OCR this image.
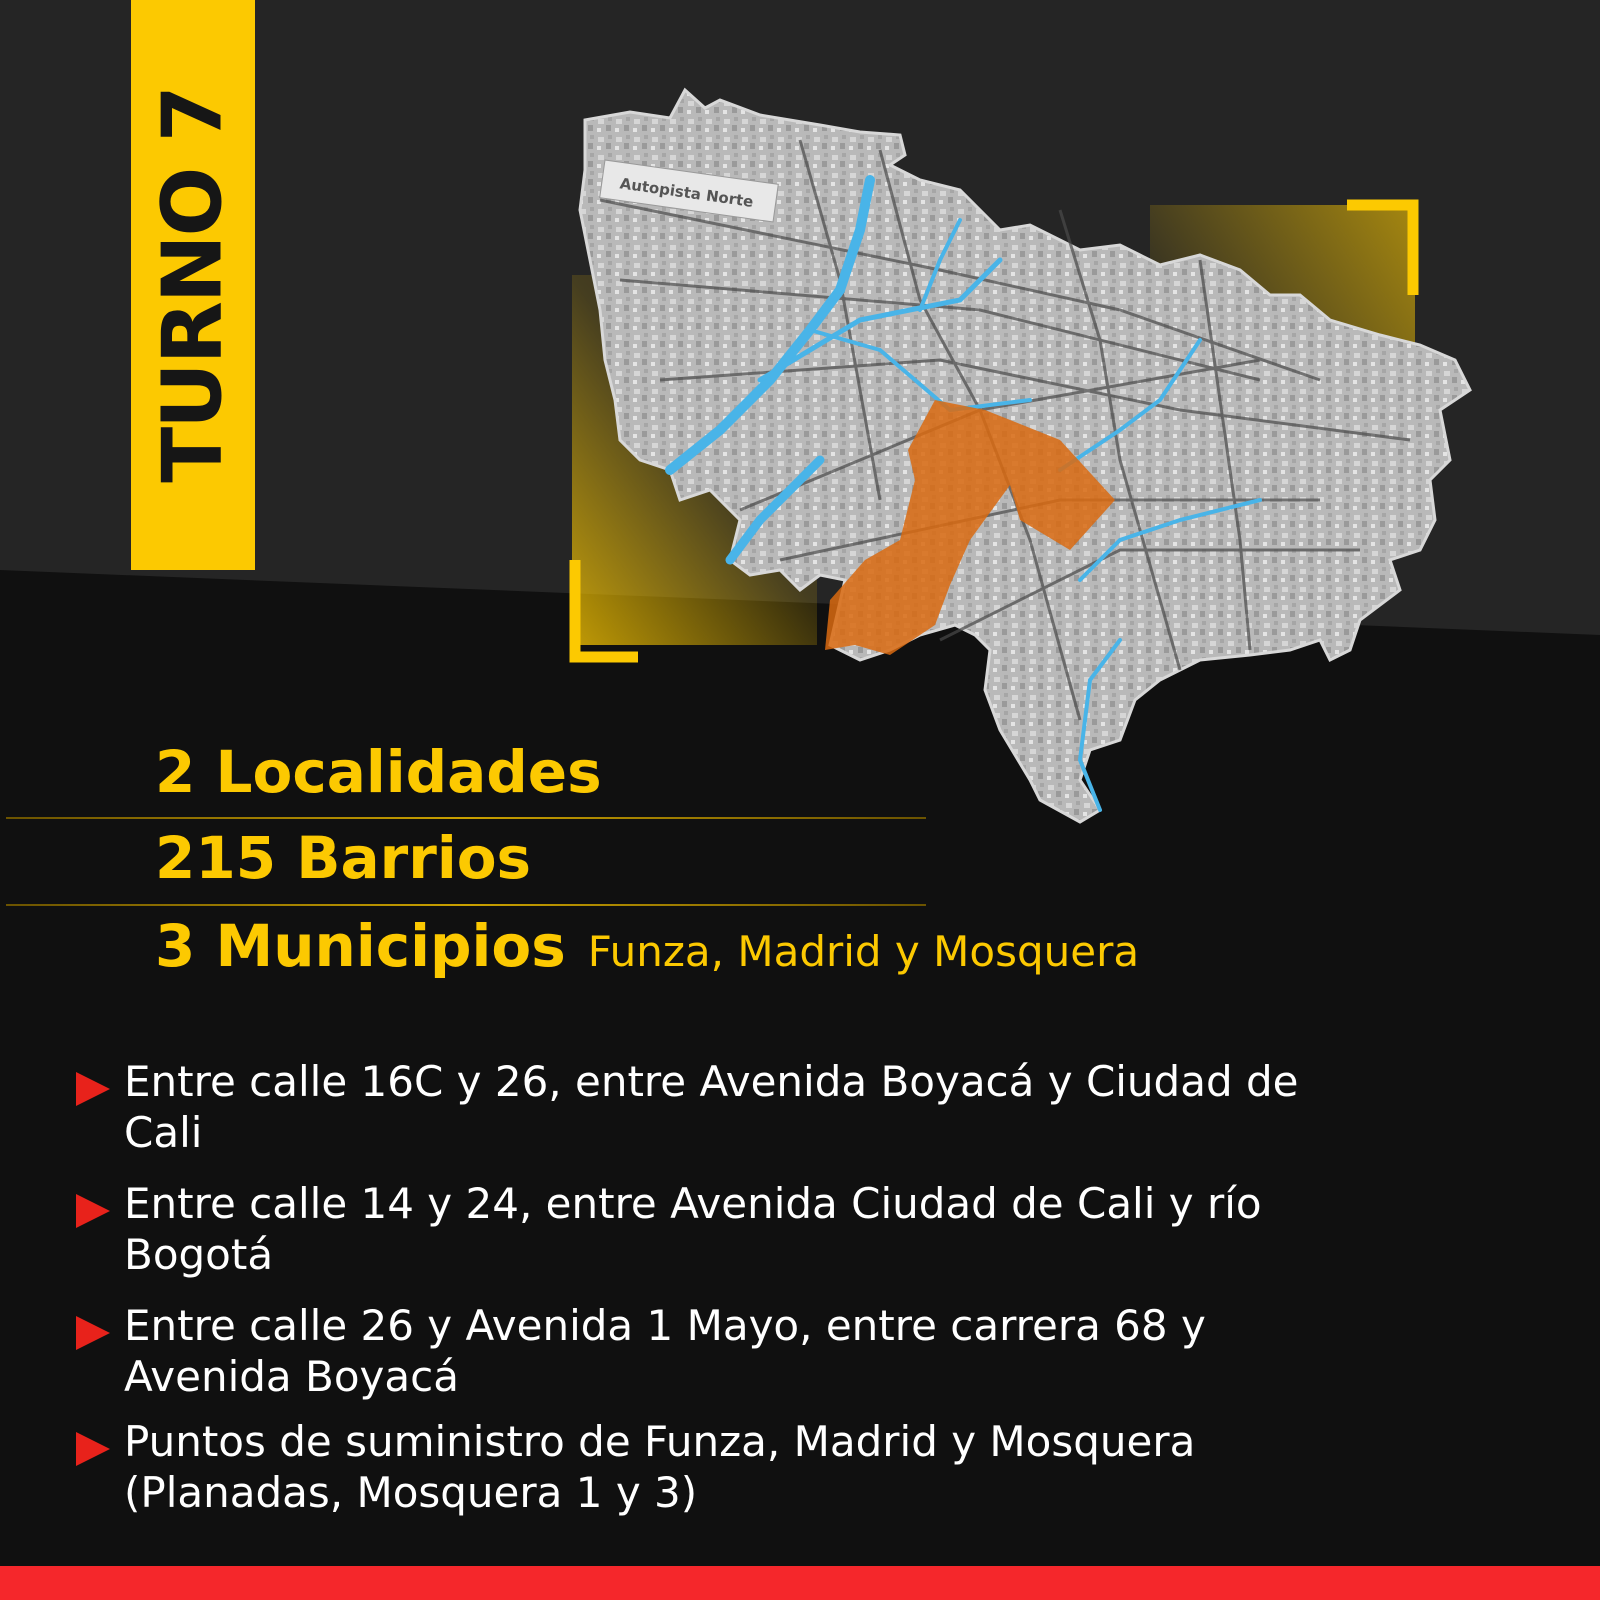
TURNO 7	Autopista Norte
2 Localidades
215 Barrios
3 Municipios Funza, Madrid y Mosquera
Entre calle 16C y 26, entre Avenida Boyacá y Ciudad de Cali
Entre calle 14 y 24, entre Avenida Ciudad de Cali y río Bogotá
Entre calle 26 y Avenida 1 Mayo, entre carrera 68 y Avenida Boyacá
Puntos de suministro de Funza, Madrid y Mosquera (Planadas, Mosquera 1 y 3)
